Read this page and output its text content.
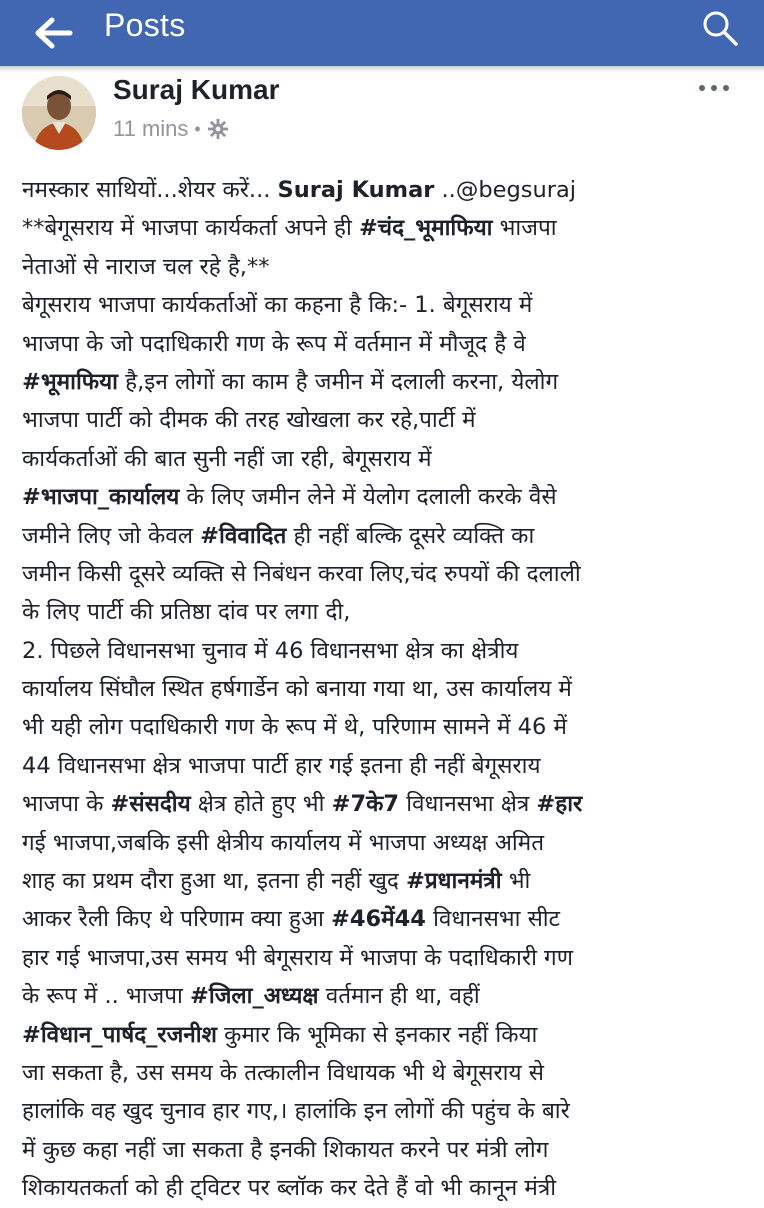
Posts
Suraj Kumar
11 mins •
नमस्कार साथियों...शेयर करें... Suraj Kumar ..@begsuraj
**बेगूसराय में भाजपा कार्यकर्ता अपने ही #चंद_भूमाफिया भाजपा
नेताओं से नाराज चल रहे है,**
बेगूसराय भाजपा कार्यकर्ताओं का कहना है कि:- 1. बेगूसराय में
भाजपा के जो पदाधिकारी गण के रूप में वर्तमान में मौजूद है वे
#भूमाफिया है,इन लोगों का काम है जमीन में दलाली करना, येलोग
भाजपा पार्टी को दीमक की तरह खोखला कर रहे,पार्टी में
कार्यकर्ताओं की बात सुनी नहीं जा रही, बेगूसराय में
#भाजपा_कार्यालय के लिए जमीन लेने में येलोग दलाली करके वैसे
जमीने लिए जो केवल #विवादित ही नहीं बल्कि दूसरे व्यक्ति का
जमीन किसी दूसरे व्यक्ति से निबंधन करवा लिए,चंद रुपयों की दलाली
के लिए पार्टी की प्रतिष्ठा दांव पर लगा दी,
2. पिछले विधानसभा चुनाव में 46 विधानसभा क्षेत्र का क्षेत्रीय
कार्यालय सिंघौल स्थित हर्षगार्डेन को बनाया गया था, उस कार्यालय में
भी यही लोग पदाधिकारी गण के रूप में थे, परिणाम सामने में 46 में
44 विधानसभा क्षेत्र भाजपा पार्टी हार गई इतना ही नहीं बेगूसराय
भाजपा के #संसदीय क्षेत्र होते हुए भी #7के7 विधानसभा क्षेत्र #हार
गई भाजपा,जबकि इसी क्षेत्रीय कार्यालय में भाजपा अध्यक्ष अमित
शाह का प्रथम दौरा हुआ था, इतना ही नहीं खुद #प्रधानमंत्री भी
आकर रैली किए थे परिणाम क्या हुआ #46में44 विधानसभा सीट
हार गई भाजपा,उस समय भी बेगूसराय में भाजपा के पदाधिकारी गण
के रूप में .. भाजपा #जिला_अध्यक्ष वर्तमान ही था, वहीं
#विधान_पार्षद_रजनीश कुमार कि भूमिका से इनकार नहीं किया
जा सकता है, उस समय के तत्कालीन विधायक भी थे बेगूसराय से
हालांकि वह खुद चुनाव हार गए,। हालांकि इन लोगों की पहुंच के बारे
में कुछ कहा नहीं जा सकता है इनकी शिकायत करने पर मंत्री लोग
शिकायतकर्ता को ही ट्विटर पर ब्लॉक कर देते हैं वो भी कानून मंत्री
